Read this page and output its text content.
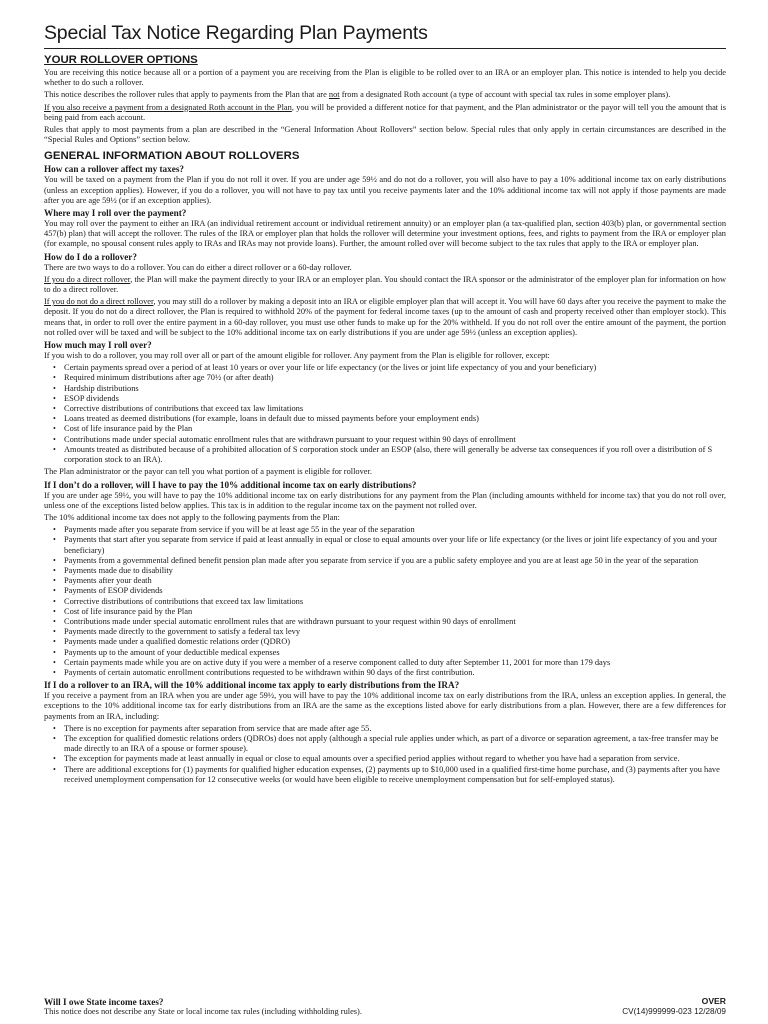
Special Tax Notice Regarding Plan Payments
YOUR ROLLOVER OPTIONS

You are receiving this notice because all or a portion of a payment you are receiving from the Plan is eligible to be rolled over to an IRA or an employer plan. This notice is intended to help you decide whether to do such a rollover.

This notice describes the rollover rules that apply to payments from the Plan that are not from a designated Roth account (a type of account with special tax rules in some employer plans).

If you also receive a payment from a designated Roth account in the Plan, you will be provided a different notice for that payment, and the Plan administrator or the payor will tell you the amount that is being paid from each account.

Rules that apply to most payments from a plan are described in the “General Information About Rollovers” section below. Special rules that only apply in certain circumstances are described in the “Special Rules and Options” section below.

GENERAL INFORMATION ABOUT ROLLOVERS
How can a rollover affect my taxes?

You will be taxed on a payment from the Plan if you do not roll it over. If you are under age 59½ and do not do a rollover, you will also have to pay a 10% additional income tax on early distributions (unless an exception applies). However, if you do a rollover, you will not have to pay tax until you receive payments later and the 10% additional income tax will not apply if those payments are made after you are age 59½ (or if an exception applies).

Where may I roll over the payment?

You may roll over the payment to either an IRA (an individual retirement account or individual retirement annuity) or an employer plan (a tax-qualified plan, section 403(b) plan, or governmental section 457(b) plan) that will accept the rollover. The rules of the IRA or employer plan that holds the rollover will determine your investment options, fees, and rights to payment from the IRA or employer plan (for example, no spousal consent rules apply to IRAs and IRAs may not provide loans). Further, the amount rolled over will become subject to the tax rules that apply to the IRA or employer plan.

How do I do a rollover?

There are two ways to do a rollover. You can do either a direct rollover or a 60-day rollover.

If you do a direct rollover, the Plan will make the payment directly to your IRA or an employer plan. You should contact the IRA sponsor or the administrator of the employer plan for information on how to do a direct rollover.

If you do not do a direct rollover, you may still do a rollover by making a deposit into an IRA or eligible employer plan that will accept it. You will have 60 days after you receive the payment to make the deposit. If you do not do a direct rollover, the Plan is required to withhold 20% of the payment for federal income taxes (up to the amount of cash and property received other than employer stock). This means that, in order to roll over the entire payment in a 60-day rollover, you must use other funds to make up for the 20% withheld. If you do not roll over the entire amount of the payment, the portion not rolled over will be taxed and will be subject to the 10% additional income tax on early distributions if you are under age 59½ (unless an exception applies).

How much may I roll over?

If you wish to do a rollover, you may roll over all or part of the amount eligible for rollover. Any payment from the Plan is eligible for rollover, except:

• Certain payments spread over a period of at least 10 years or over your life or life expectancy (or the lives or joint life expectancy of you and your beneficiary)
• Required minimum distributions after age 70½ (or after death)
• Hardship distributions
• ESOP dividends
• Corrective distributions of contributions that exceed tax law limitations
• Loans treated as deemed distributions (for example, loans in default due to missed payments before your employment ends)
• Cost of life insurance paid by the Plan
• Contributions made under special automatic enrollment rules that are withdrawn pursuant to your request within 90 days of enrollment
• Amounts treated as distributed because of a prohibited allocation of S corporation stock under an ESOP (also, there will generally be adverse tax consequences if you roll over a distribution of S corporation stock to an IRA).

The Plan administrator or the payor can tell you what portion of a payment is eligible for rollover.

If I don’t do a rollover, will I have to pay the 10% additional income tax on early distributions?

If you are under age 59½, you will have to pay the 10% additional income tax on early distributions for any payment from the Plan (including amounts withheld for income tax) that you do not roll over, unless one of the exceptions listed below applies. This tax is in addition to the regular income tax on the payment not rolled over.

The 10% additional income tax does not apply to the following payments from the Plan:

• Payments made after you separate from service if you will be at least age 55 in the year of the separation
• Payments that start after you separate from service if paid at least annually in equal or close to equal amounts over your life or life expectancy (or the lives or joint life expectancy of you and your beneficiary)
• Payments from a governmental defined benefit pension plan made after you separate from service if you are a public safety employee and you are at least age 50 in the year of the separation
• Payments made due to disability
• Payments after your death
• Payments of ESOP dividends
• Corrective distributions of contributions that exceed tax law limitations
• Cost of life insurance paid by the Plan
• Contributions made under special automatic enrollment rules that are withdrawn pursuant to your request within 90 days of enrollment
• Payments made directly to the government to satisfy a federal tax levy
• Payments made under a qualified domestic relations order (QDRO)
• Payments up to the amount of your deductible medical expenses
• Certain payments made while you are on active duty if you were a member of a reserve component called to duty after September 11, 2001 for more than 179 days
• Payments of certain automatic enrollment contributions requested to be withdrawn within 90 days of the first contribution.
If I do a rollover to an IRA, will the 10% additional income tax apply to early distributions from the IRA?

If you receive a payment from an IRA when you are under age 59½, you will have to pay the 10% additional income tax on early distributions from the IRA, unless an exception applies. In general, the exceptions to the 10% additional income tax for early distributions from an IRA are the same as the exceptions listed above for early distributions from a plan. However, there are a few differences for payments from an IRA, including:

• There is no exception for payments after separation from service that are made after age 55.
• The exception for qualified domestic relations orders (QDROs) does not apply (although a special rule applies under which, as part of a divorce or separation agreement, a tax-free transfer may be made directly to an IRA of a spouse or former spouse).
• The exception for payments made at least annually in equal or close to equal amounts over a specified period applies without regard to whether you have had a separation from service.
• There are additional exceptions for (1) payments for qualified higher education expenses, (2) payments up to $10,000 used in a qualified first-time home purchase, and (3) payments after you have received unemployment compensation for 12 consecutive weeks (or would have been eligible to receive unemployment compensation but for self-employed status).
Will I owe State income taxes?
This notice does not describe any State or local income tax rules (including withholding rules).
OVER
CV(14)999999-023 12/28/09
